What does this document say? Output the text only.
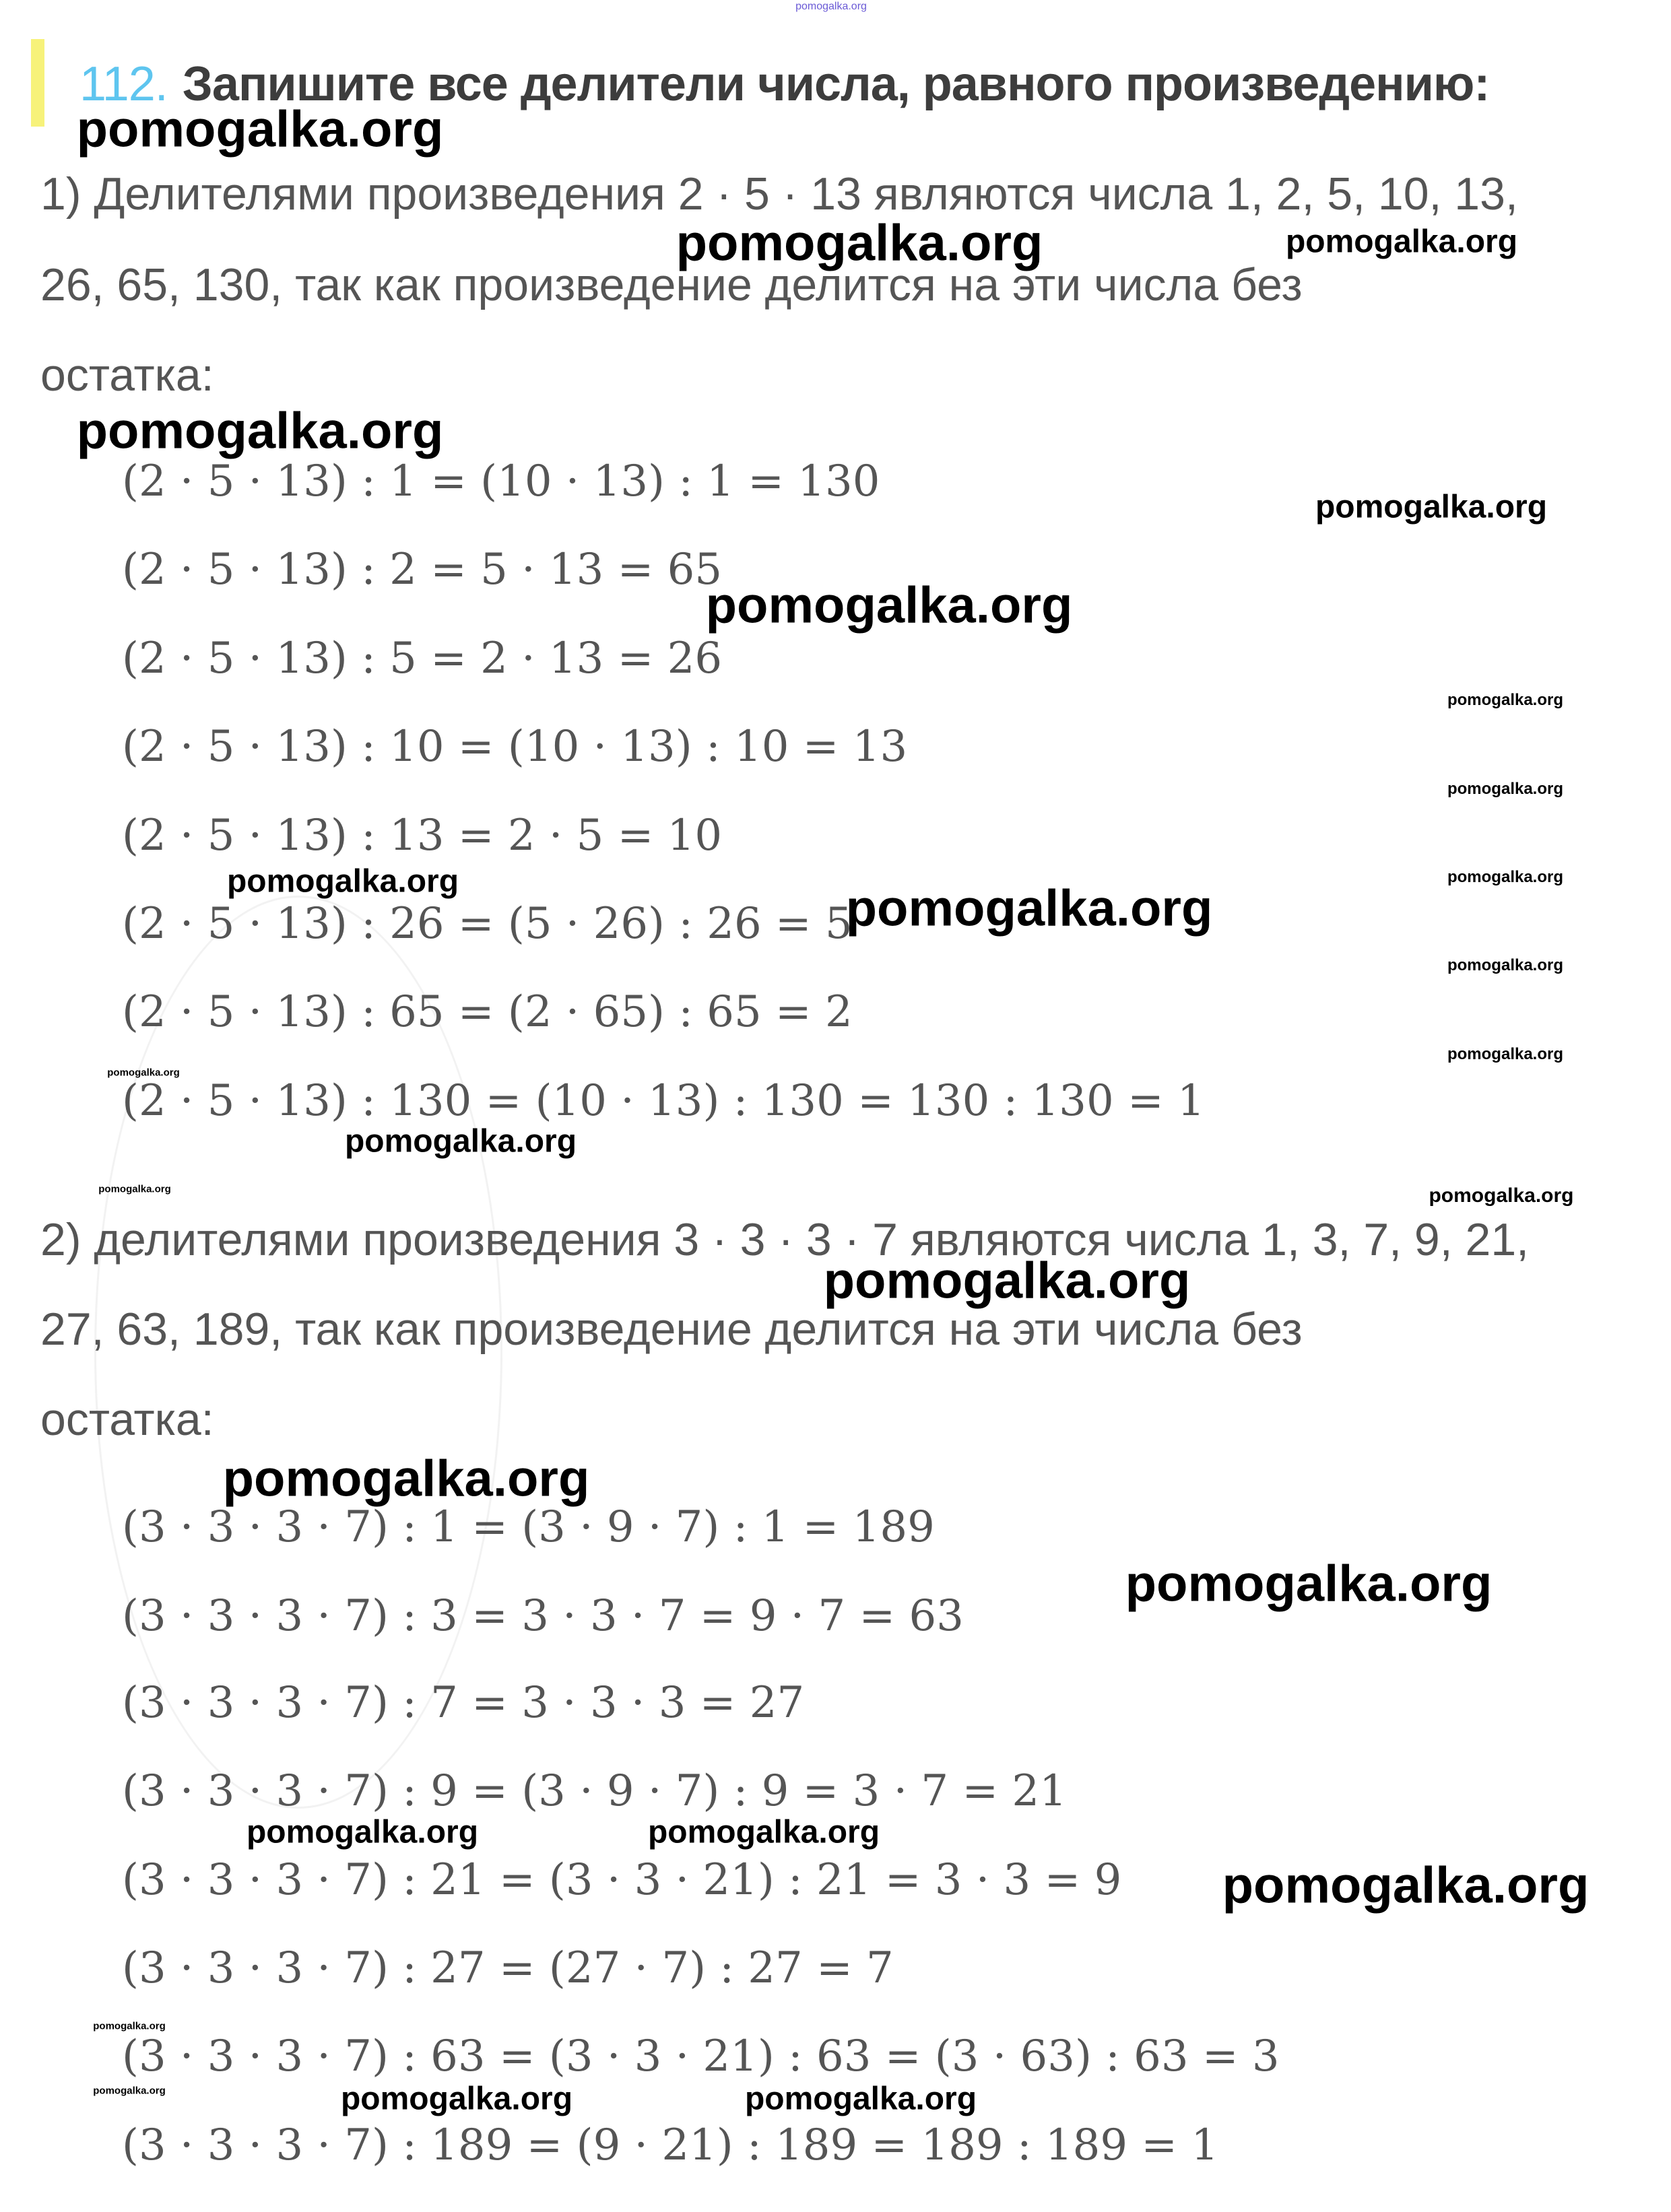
112. Запишите все делители числа, равного произведению:
1) Делителями произведения 2 · 5 · 13 являются числа 1, 2, 5, 10, 13,
26, 65, 130, так как произведение делится на эти числа без
остатка:
(2 · 5 · 13) : 1 = (10 · 13) : 1 = 130
(2 · 5 · 13) : 2 = 5 · 13 = 65
(2 · 5 · 13) : 5 = 2 · 13 = 26
(2 · 5 · 13) : 10 = (10 · 13) : 10 = 13
(2 · 5 · 13) : 13 = 2 · 5 = 10
(2 · 5 · 13) : 26 = (5 · 26) : 26 = 5
(2 · 5 · 13) : 65 = (2 · 65) : 65 = 2
(2 · 5 · 13) : 130 = (10 · 13) : 130 = 130 : 130 = 1
2) делителями произведения 3 · 3 · 3 · 7 являются числа 1, 3, 7, 9, 21,
27, 63, 189, так как произведение делится на эти числа без
остатка:
(3 · 3 · 3 · 7) : 1 = (3 · 9 · 7) : 1 = 189
(3 · 3 · 3 · 7) : 3 = 3 · 3 · 7 = 9 · 7 = 63
(3 · 3 · 3 · 7) : 7 = 3 · 3 · 3 = 27
(3 · 3 · 3 · 7) : 9 = (3 · 9 · 7) : 9 = 3 · 7 = 21
(3 · 3 · 3 · 7) : 21 = (3 · 3 · 21) : 21 = 3 · 3 = 9
(3 · 3 · 3 · 7) : 27 = (27 · 7) : 27 = 7
(3 · 3 · 3 · 7) : 63 = (3 · 3 · 21) : 63 = (3 · 63) : 63 = 3
(3 · 3 · 3 · 7) : 189 = (9 · 21) : 189 = 189 : 189 = 1
pomogalka.org
pomogalka.org
pomogalka.org	pomogalka.org
pomogalka.org
pomogalka.org
pomogalka.org
pomogalka.org
pomogalka.org
pomogalka.org
pomogalka.org
pomogalka.org
pomogalka.org	pomogalka.org
pomogalka.org
pomogalka.org
pomogalka.org	pomogalka.org
pomogalka.org
pomogalka.org
pomogalka.org
pomogalka.org	pomogalka.org
pomogalka.org
pomogalka.org
pomogalka.org	pomogalka.org	pomogalka.org
